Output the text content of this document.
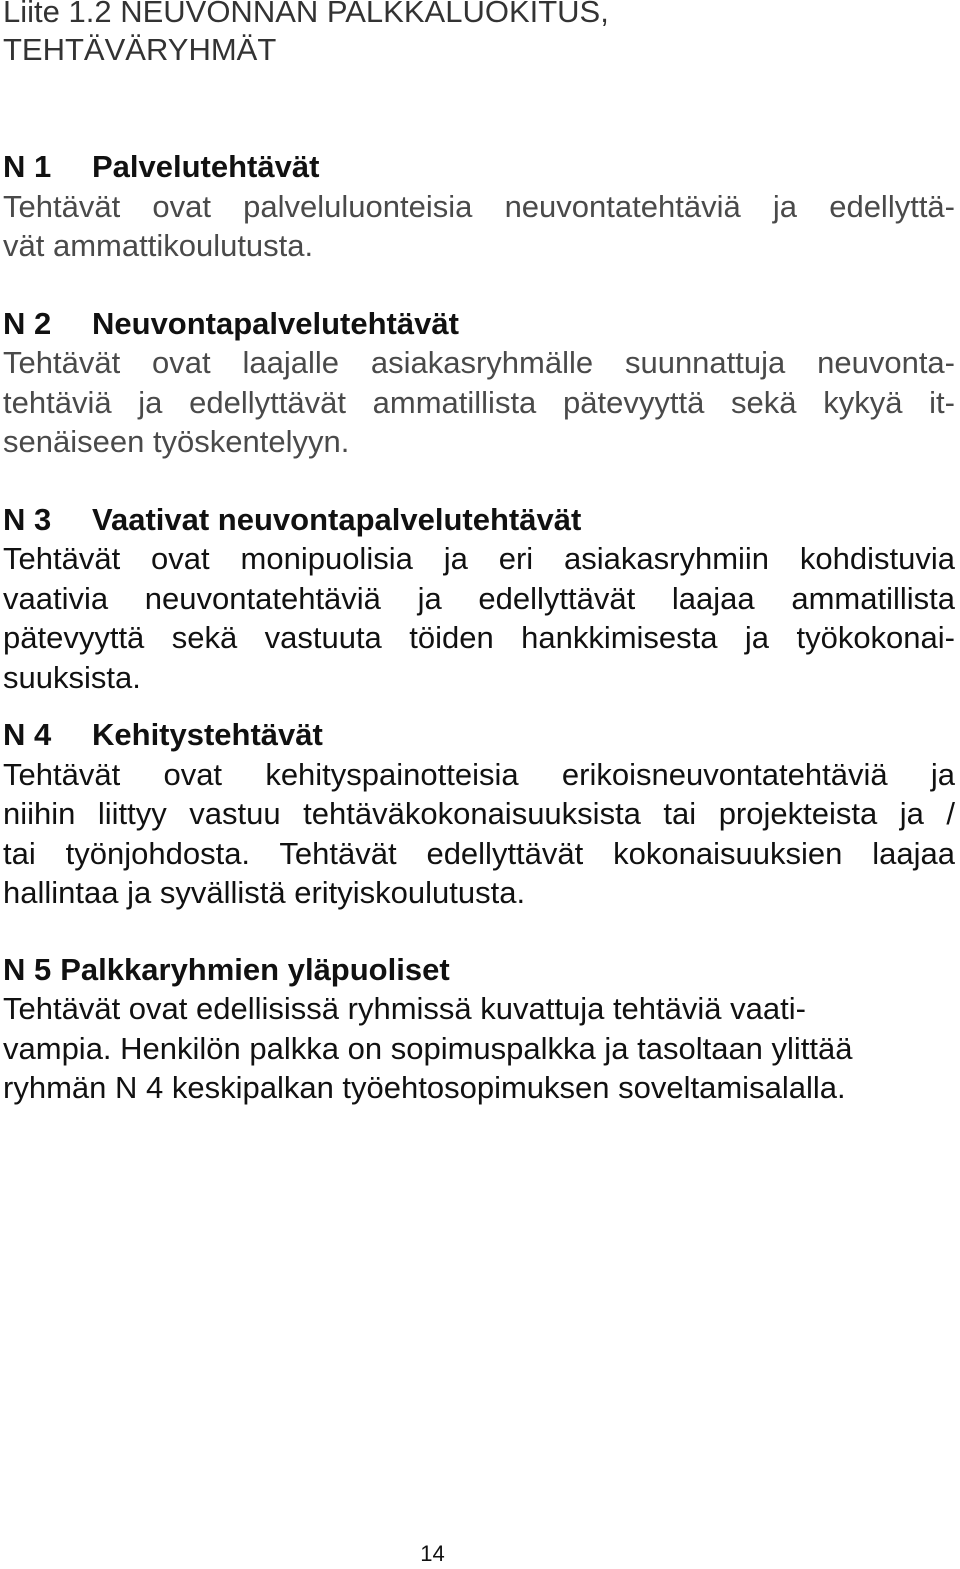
Liite 1.2 NEUVONNAN PALKKALUOKITUS,
TEHTÄVÄRYHMÄT
N 1 Palvelutehtävät
Tehtävät ovat palveluluonteisia neuvontatehtäviä ja edellyttä-
vät ammattikoulutusta.
N 2 Neuvontapalvelutehtävät
Tehtävät ovat laajalle asiakasryhmälle suunnattuja neuvonta-
tehtäviä ja edellyttävät ammatillista pätevyyttä sekä kykyä it-
senäiseen työskentelyyn.
N 3 Vaativat neuvontapalvelutehtävät
Tehtävät ovat monipuolisia ja eri asiakasryhmiin kohdistuvia
vaativia neuvontatehtäviä ja edellyttävät laajaa ammatillista
pätevyyttä sekä vastuuta töiden hankkimisesta ja työkokonai-
suuksista.
N 4 Kehitystehtävät
Tehtävät ovat kehityspainotteisia erikoisneuvontatehtäviä ja
niihin liittyy vastuu tehtäväkokonaisuuksista tai projekteista ja /
tai työnjohdosta. Tehtävät edellyttävät kokonaisuuksien laajaa
hallintaa ja syvällistä erityiskoulutusta.
N 5 Palkkaryhmien yläpuoliset
Tehtävät ovat edellisissä ryhmissä kuvattuja tehtäviä vaati-
vampia. Henkilön palkka on sopimuspalkka ja tasoltaan ylittää
ryhmän N 4 keskipalkan työehtosopimuksen soveltamisalalla.
14
